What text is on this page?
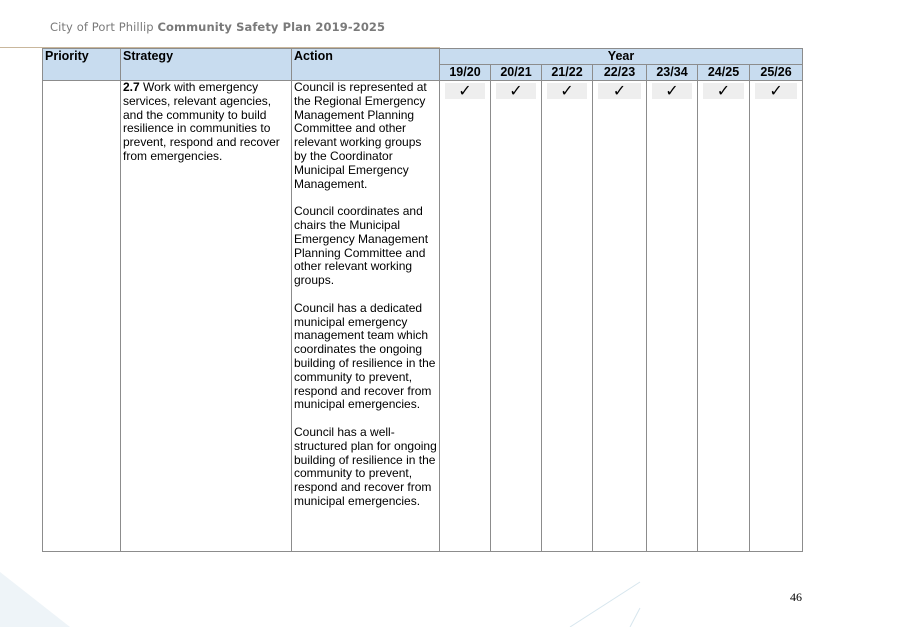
City of Port Phillip Community Safety Plan 2019-2025
Priority	Strategy	Action	Year						
			19/20	20/21	21/22	22/23	23/34	24/25	25/26
	2.7 Work with emergency services, relevant agencies, and the community to build resilience in communities to prevent, respond and recover from emergencies.	Council is represented at the Regional Emergency Management Planning Committee and other relevant working groups by the Coordinator Municipal Emergency Management.
Council coordinates and chairs the Municipal Emergency Management Planning Committee and other relevant working groups.
Council has a dedicated municipal emergency management team which coordinates the ongoing building of resilience in the community to prevent, respond and recover from municipal emergencies.
Council has a well-structured plan for ongoing building of resilience in the community to prevent, respond and recover from municipal emergencies.	✓	✓	✓	✓	✓	✓	✓
46
